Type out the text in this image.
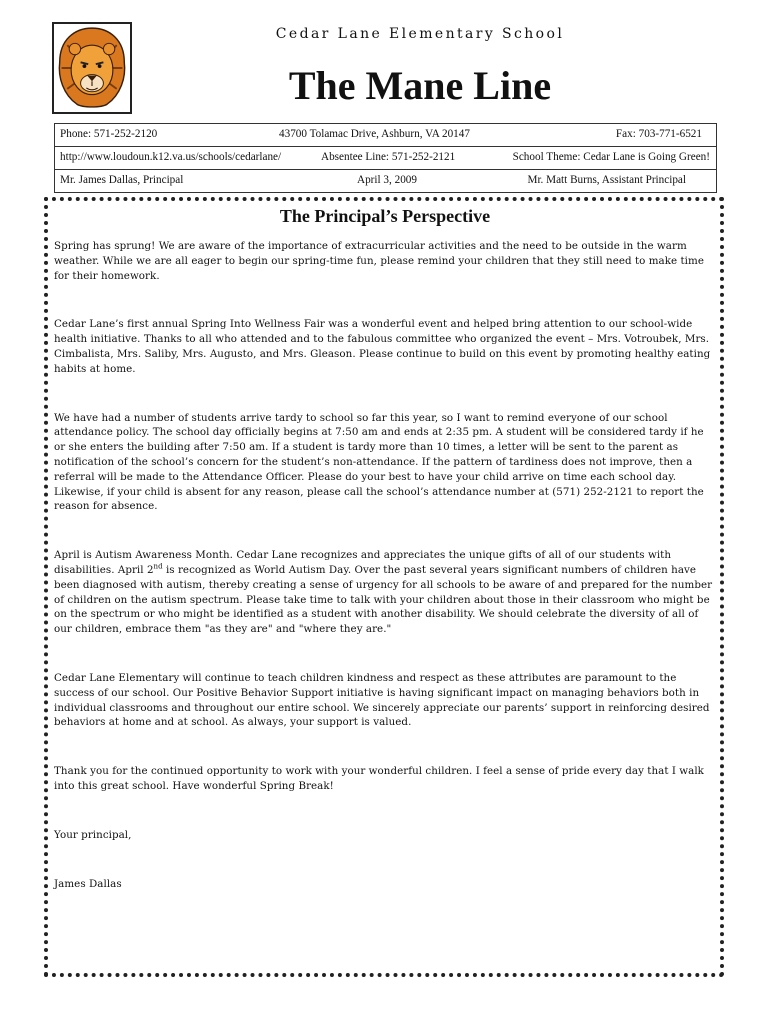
Cedar Lane Elementary School
The Mane Line
Phone: 571-252-2120	43700 Tolamac Drive, Ashburn, VA 20147	Fax: 703-771-6521
http://www.loudoun.k12.va.us/schools/cedarlane/	Absentee Line: 571-252-2121	School Theme: Cedar Lane is Going Green!
Mr. James Dallas, Principal	April 3, 2009	Mr. Matt Burns, Assistant Principal
The Principal’s Perspective

Spring has sprung! We are aware of the importance of extracurricular activities and the need to be outside in the warm weather. While we are all eager to begin our spring-time fun, please remind your children that they still need to make time for their homework.

Cedar Lane’s first annual Spring Into Wellness Fair was a wonderful event and helped bring attention to our school-wide health initiative. Thanks to all who attended and to the fabulous committee who organized the event – Mrs. Votroubek, Mrs. Cimbalista, Mrs. Saliby, Mrs. Augusto, and Mrs. Gleason. Please continue to build on this event by promoting healthy eating habits at home.

We have had a number of students arrive tardy to school so far this year, so I want to remind everyone of our school attendance policy. The school day officially begins at 7:50 am and ends at 2:35 pm. A student will be considered tardy if he or she enters the building after 7:50 am. If a student is tardy more than 10 times, a letter will be sent to the parent as notification of the school’s concern for the student’s non-attendance. If the pattern of tardiness does not improve, then a referral will be made to the Attendance Officer. Please do your best to have your child arrive on time each school day. Likewise, if your child is absent for any reason, please call the school’s attendance number at (571) 252-2121 to report the reason for absence.

April is Autism Awareness Month. Cedar Lane recognizes and appreciates the unique gifts of all of our students with disabilities. April 2nd is recognized as World Autism Day. Over the past several years significant numbers of children have been diagnosed with autism, thereby creating a sense of urgency for all schools to be aware of and prepared for the number of children on the autism spectrum. Please take time to talk with your children about those in their classroom who might be on the spectrum or who might be identified as a student with another disability. We should celebrate the diversity of all of our children, embrace them "as they are" and "where they are."

Cedar Lane Elementary will continue to teach children kindness and respect as these attributes are paramount to the success of our school. Our Positive Behavior Support initiative is having significant impact on managing behaviors both in individual classrooms and throughout our entire school. We sincerely appreciate our parents’ support in reinforcing desired behaviors at home and at school. As always, your support is valued.

Thank you for the continued opportunity to work with your wonderful children. I feel a sense of pride every day that I walk into this great school. Have wonderful Spring Break!

Your principal,

James Dallas
